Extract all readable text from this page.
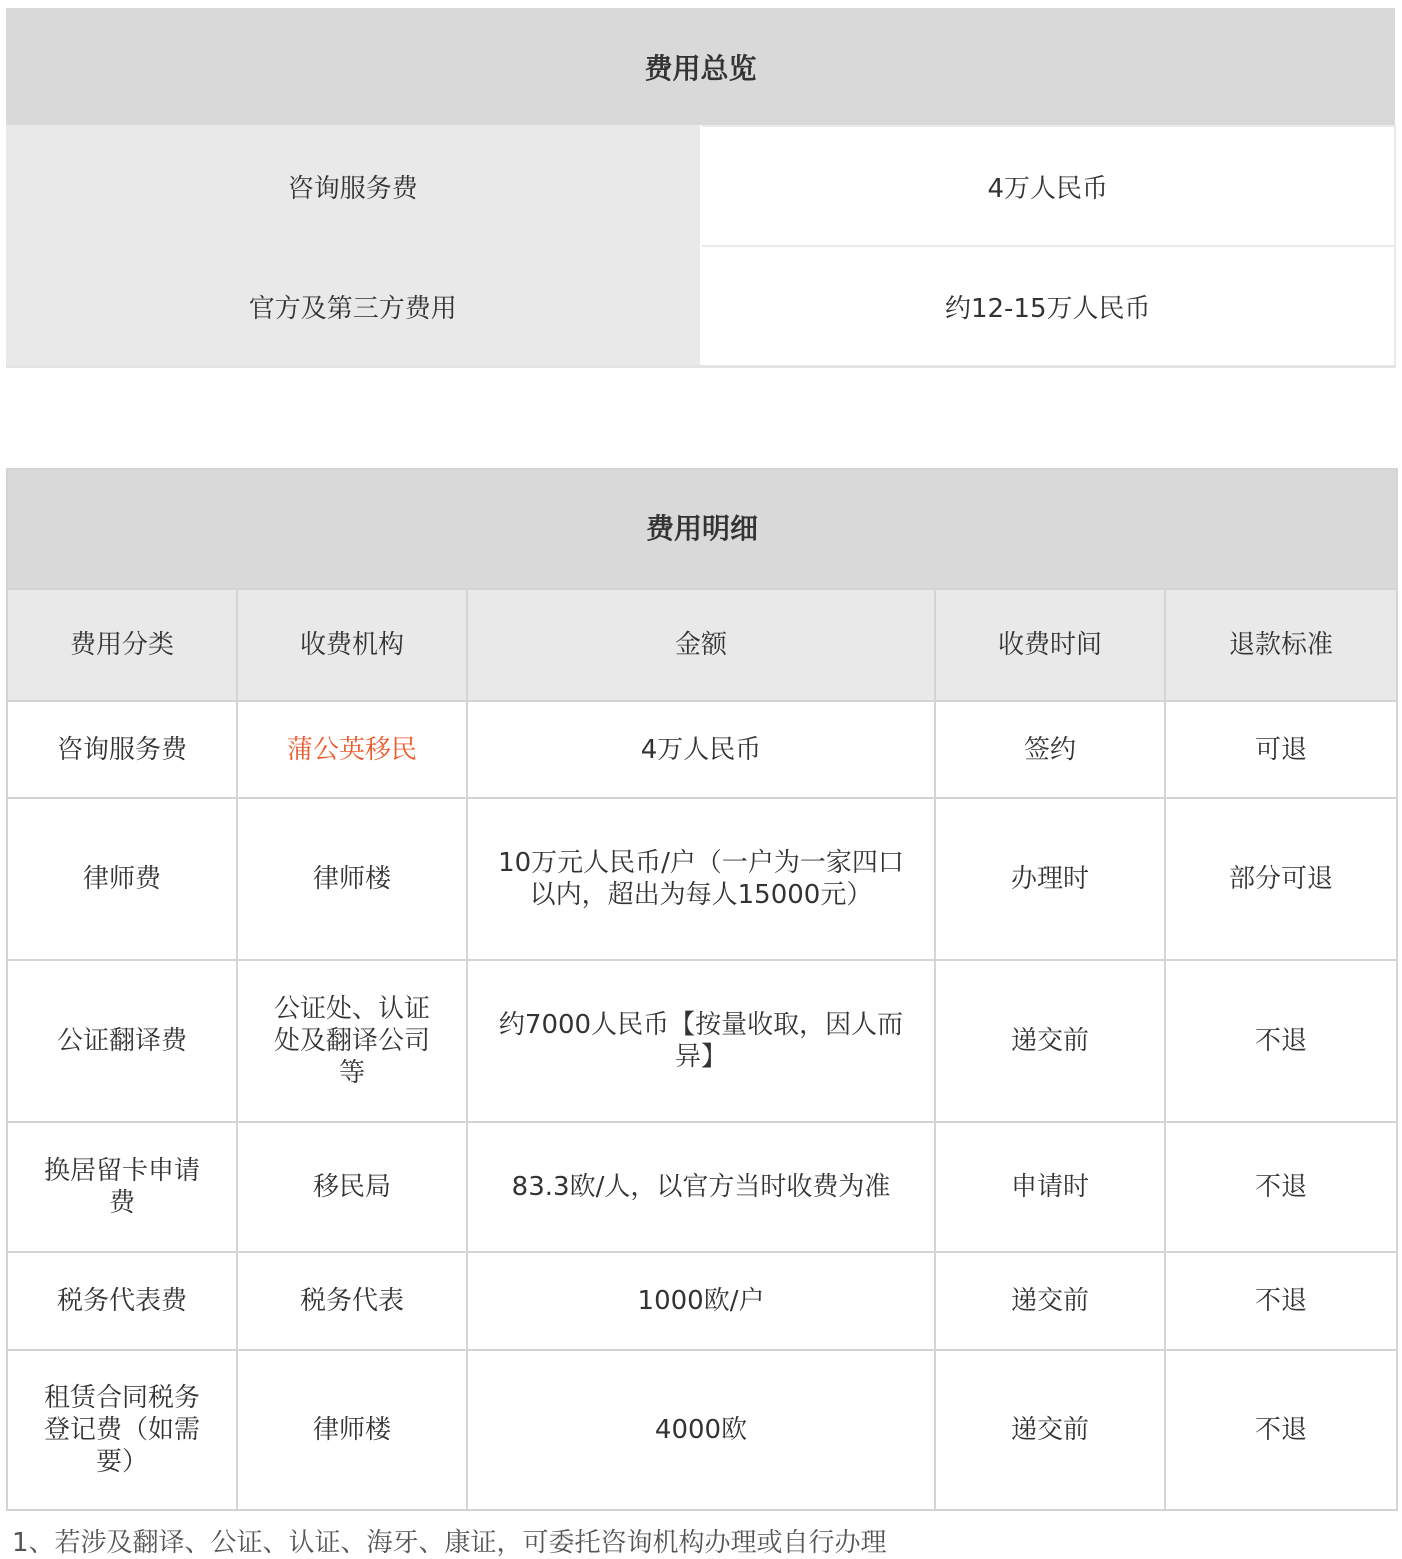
费用总览	
咨询服务费	4万人民币
官方及第三方费用	约12-15万人民币
费用明细				
费用分类	收费机构	金额	收费时间	退款标准
咨询服务费	蒲公英移民	4万人民币	签约	可退
律师费	律师楼	10万元人民币/户（一户为一家四口以内，超出为每人15000元）	办理时	部分可退
公证翻译费	公证处、认证处及翻译公司等	约7000人民币【按量收取，因人而异】	递交前	不退
换居留卡申请费	移民局	83.3欧/人，以官方当时收费为准	申请时	不退
税务代表费	税务代表	1000欧/户	递交前	不退
租赁合同税务登记费（如需要）	律师楼	4000欧	递交前	不退
1、若涉及翻译、公证、认证、海牙、康证，可委托咨询机构办理或自行办理
